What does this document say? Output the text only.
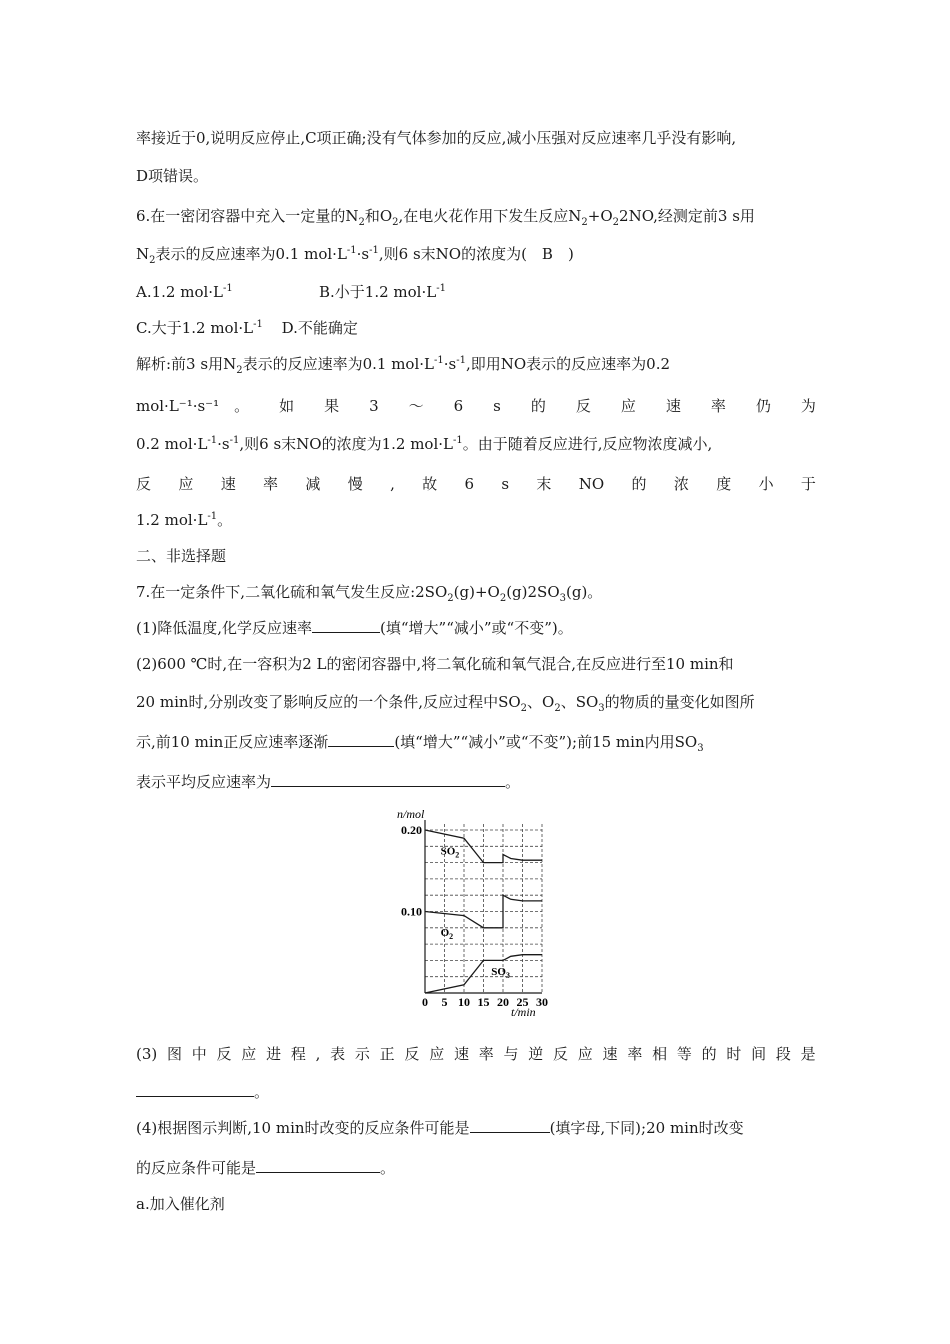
率接近于0,说明反应停止,C项正确;没有气体参加的反应,减小压强对反应速率几乎没有影响,
D项错误。
6.在一密闭容器中充入一定量的$N_2$和$O_2$,在电火花作用下发生反应$N_2+O_22NO$,经测定前3 s用
$N_2$表示的反应速率为0.1 $mol\cdot L^{-1}\cdot s^{-1}$,则6 s末NO的浓度为(　B　)
A.1.2 $mol\cdot L^{-1}$	B.小于1.2 $mol\cdot L^{-1}$
C.大于1.2 $mol\cdot L^{-1}$ D.不能确定
解析:前3 s用$N_2$表示的反应速率为0.1 $mol\cdot L^{-1}\cdot s^{-1}$,即用NO表示的反应速率为0.2
mol·L⁻¹·s⁻¹　。 如 果 3 ～ 6 s 的 反 应 速 率 仍 为
0.2 $mol\cdot L^{-1}\cdot s^{-1}$,则6 s末NO的浓度为1.2 $mol\cdot L^{-1}$。由于随着反应进行,反应物浓度减小,
反 应 速 率 减 慢 , 故 6 s 末 NO 的 浓 度 小 于
1.2 $mol\cdot L^{-1}$。
二、非选择题
7.在一定条件下,二氧化硫和氧气发生反应$:2SO_2(g)+O_2(g)2SO_3(g)$。
(1)降低温度,化学反应速率	(填“增大”“减小”或“不变”)。
(2)600 ℃时,在一容积为2 L的密闭容器中,将二氧化硫和氧气混合,在反应进行至10 min和
20 min时,分别改变了影响反应的一个条件,反应过程中$SO_2$、$O_2$、$SO_3$的物质的量变化如图所
示,前10 min正反应速率逐渐	(填“增大”“减小”或“不变”);前15 min内用$SO_3$
表示平均反应速率为	。
n/mol
t/min
0 5 10 15 20 25 30
0.10
0.20
$SO_2$
$O_2$
$SO_3$
(3) 图 中 反 应 进 程 , 表 示 正 反 应 速 率 与 逆 反 应 速 率 相 等 的 时 间 段 是
。
(4)根据图示判断,10 min时改变的反应条件可能是	(填字母,下同);20 min时改变
的反应条件可能是	。
a.加入催化剂
